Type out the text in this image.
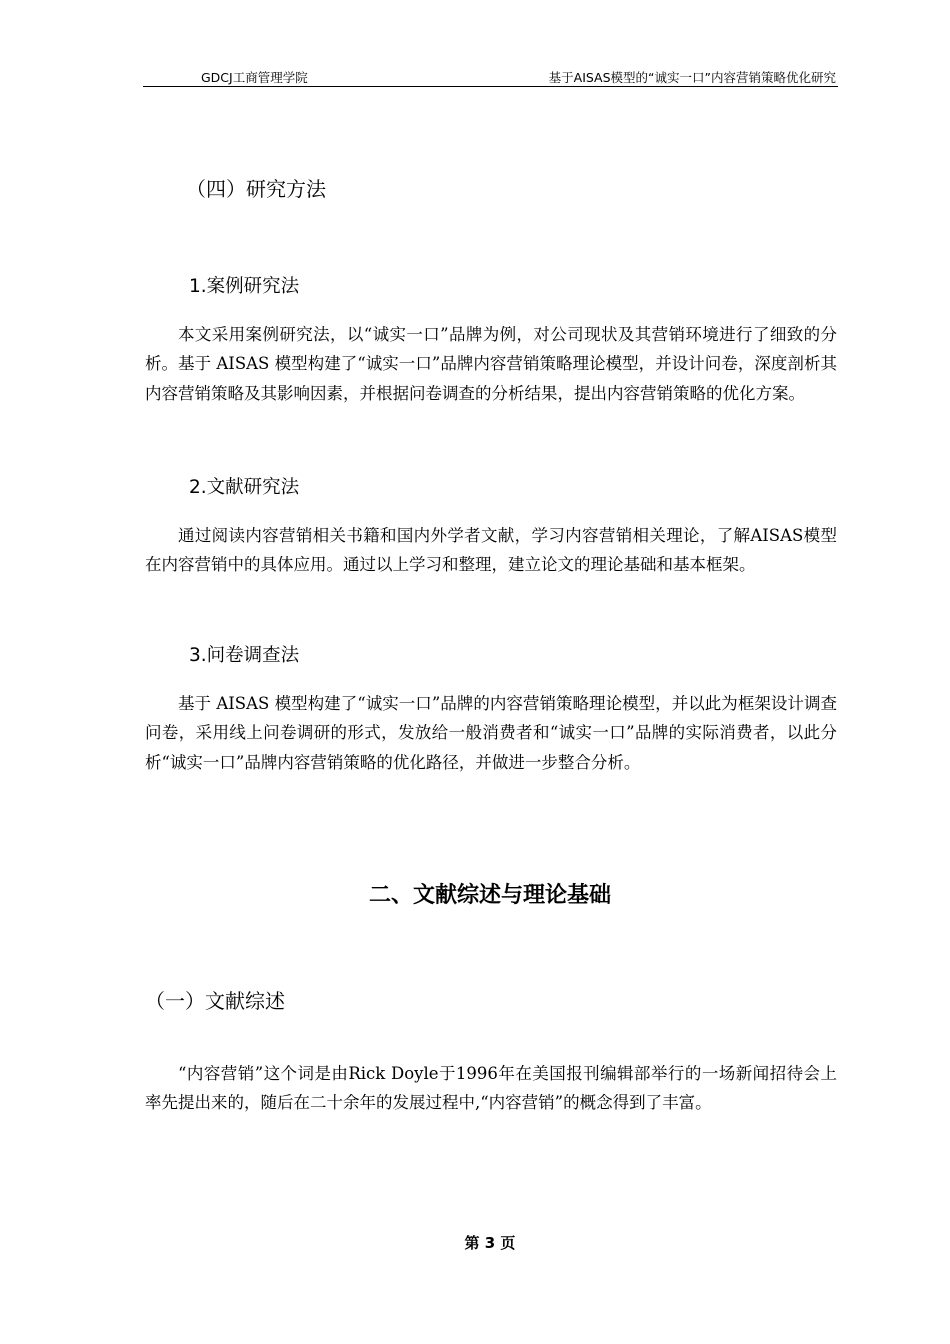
GDCJ工商管理学院	基于AISAS模型的“诚实一口”内容营销策略优化研究
（四）研究方法
1.案例研究法
本文采用案例研究法，以“诚实一口”品牌为例，对公司现状及其营销环境进行了细致的分析。基于 AISAS 模型构建了“诚实一口”品牌内容营销策略理论模型，并设计问卷，深度剖析其内容营销策略及其影响因素，并根据问卷调查的分析结果，提出内容营销策略的优化方案。
2.文献研究法
通过阅读内容营销相关书籍和国内外学者文献，学习内容营销相关理论，了解AISAS模型在内容营销中的具体应用。通过以上学习和整理，建立论文的理论基础和基本框架。
3.问卷调查法
基于 AISAS 模型构建了“诚实一口”品牌的内容营销策略理论模型，并以此为框架设计调查问卷，采用线上问卷调研的形式，发放给一般消费者和“诚实一口”品牌的实际消费者，以此分析“诚实一口”品牌内容营销策略的优化路径，并做进一步整合分析。
二、文献综述与理论基础
（一）文献综述
“内容营销”这个词是由Rick Doyle于1996年在美国报刊编辑部举行的一场新闻招待会上率先提出来的，随后在二十余年的发展过程中,“内容营销”的概念得到了丰富。
第 3 页
